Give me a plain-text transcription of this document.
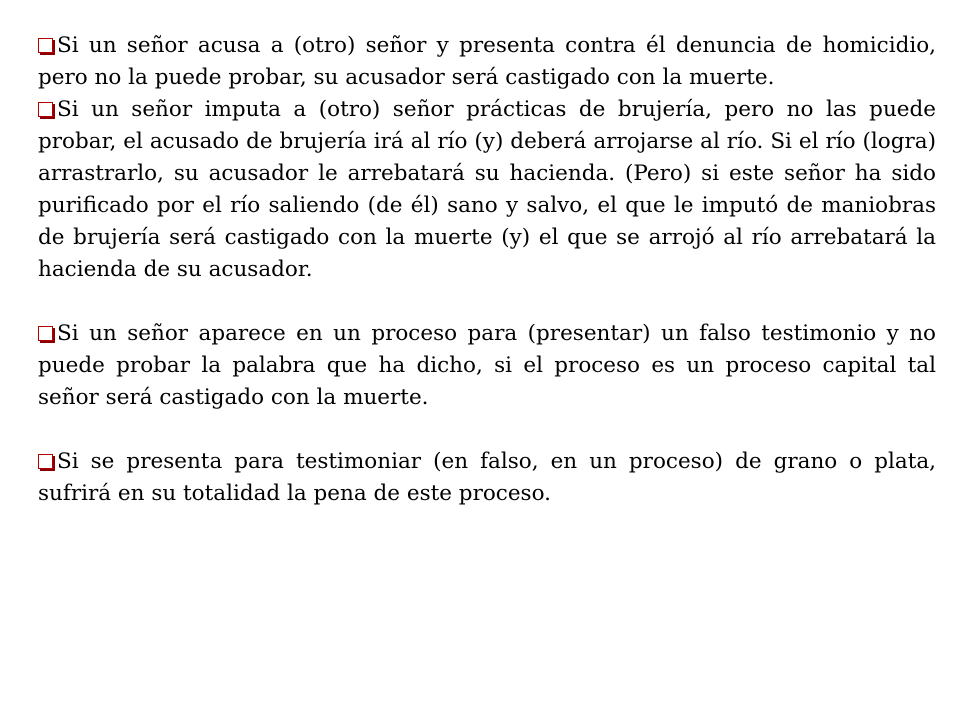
Si un señor acusa a (otro) señor y presenta contra él denuncia de homicidio, pero no la puede probar, su acusador será castigado con la muerte.

Si un señor imputa a (otro) señor prácticas de brujería, pero no las puede probar, el acusado de brujería irá al río (y) deberá arrojarse al río. Si el río (logra) arrastrarlo, su acusador le arrebatará su hacienda. (Pero) si este señor ha sido purificado por el río saliendo (de él) sano y salvo, el que le imputó de maniobras de brujería será castigado con la muerte (y) el que se arrojó al río arrebatará la hacienda de su acusador.

Si un señor aparece en un proceso para (presentar) un falso testimonio y no puede probar la palabra que ha dicho, si el proceso es un proceso capital tal señor será castigado con la muerte.

Si se presenta para testimoniar (en falso, en un proceso) de grano o plata, sufrirá en su totalidad la pena de este proceso.
